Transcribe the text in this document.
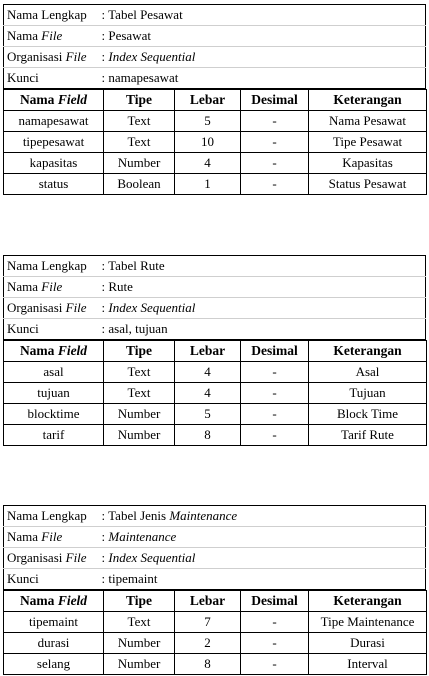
Nama Lengkap	: Tabel Pesawat
Nama File	: Pesawat
Organisasi File	: Index Sequential
Kunci	: namapesawat
Nama Field	Tipe	Lebar	Desimal	Keterangan
namapesawat	Text	5	-	Nama Pesawat
tipepesawat	Text	10	-	Tipe Pesawat
kapasitas	Number	4	-	Kapasitas
status	Boolean	1	-	Status Pesawat
Nama Lengkap	: Tabel Rute
Nama File	: Rute
Organisasi File	: Index Sequential
Kunci	: asal, tujuan
Nama Field	Tipe	Lebar	Desimal	Keterangan
asal	Text	4	-	Asal
tujuan	Text	4	-	Tujuan
blocktime	Number	5	-	Block Time
tarif	Number	8	-	Tarif Rute
Nama Lengkap	: Tabel Jenis Maintenance
Nama File	: Maintenance
Organisasi File	: Index Sequential
Kunci	: tipemaint
Nama Field	Tipe	Lebar	Desimal	Keterangan
tipemaint	Text	7	-	Tipe Maintenance
durasi	Number	2	-	Durasi
selang	Number	8	-	Interval
